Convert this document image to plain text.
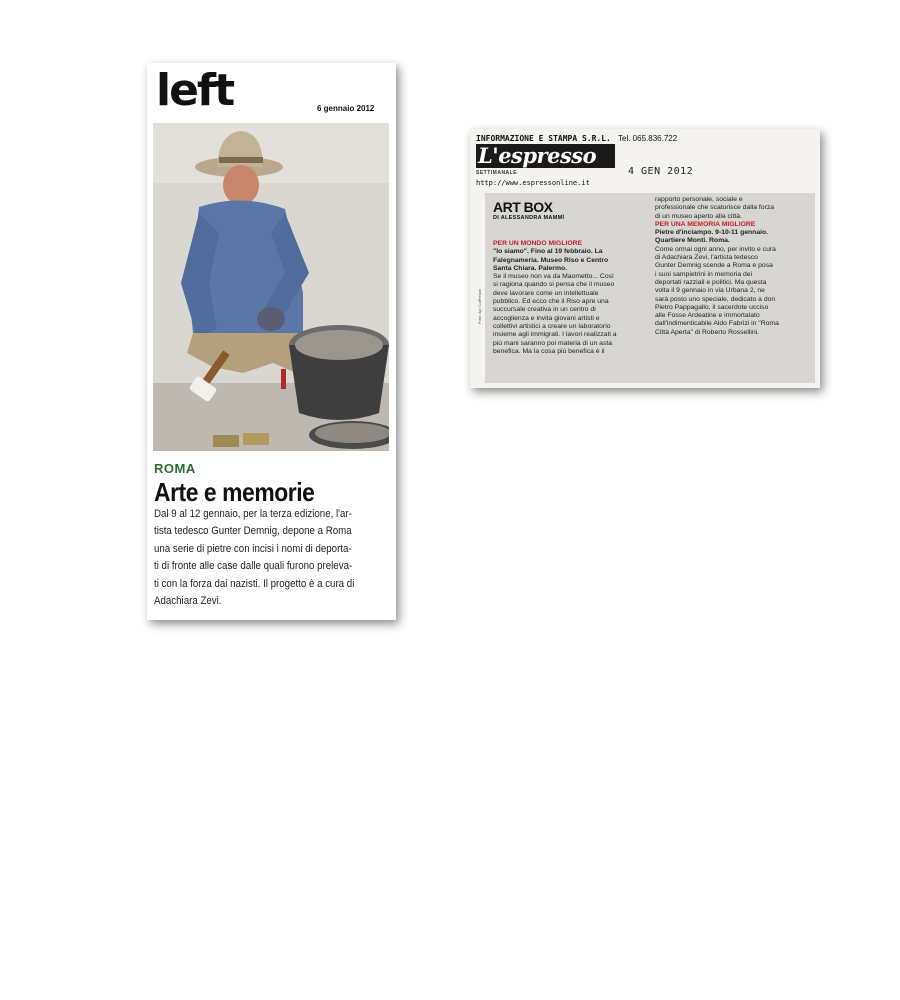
left	6 gennaio 2012
ROMA
Arte e memorie
Dal 9 al 12 gennaio, per la terza edizione, l'ar-
tista tedesco Gunter Demnig, depone a Roma
una serie di pietre con incisi i nomi di deporta-
ti di fronte alle case dalle quali furono preleva-
ti con la forza dai nazisti. Il progetto è a cura di
Adachiara Zevi.
INFORMAZIONE E STAMPA S.R.L. Tel. 065.836.722
L'espresso
SETTIMANALE
http://www.espressonline.it
4 GEN 2012
Foto: Ap / LaPresse
ART BOX
DI ALESSANDRA MAMMÌ
PER UN MONDO MIGLIORE
"Io siamo". Fino al 19 febbraio. La
Falegnameria. Museo Riso e Centro
Santa Chiara. Palermo.
Se il museo non va da Maometto... Così
si ragiona quando si pensa che il museo
deve lavorare come un intellettuale
pubblico. Ed ecco che il Riso apre una
succursale creativa in un centro di
accoglienza e invita giovani artisti e
collettivi artistici a creare un laboratorio
insieme agli immigrati. I lavori realizzati a
più mani saranno poi materia di un asta
benefica. Ma la cosa più benefica è il
rapporto personale, sociale e
professionale che scaturisce dalla forza
di un museo aperto alla città.
PER UNA MEMORIA MIGLIORE
Pietre d'inciampo. 9-10-11 gennaio.
Quartiere Monti. Roma.
Come ormai ogni anno, per invito e cura
di Adachiara Zevi, l'artista tedesco
Gunter Demnig scende a Roma e posa
i suoi sampietrini in memoria dei
deportati razziali e politici. Ma questa
volta il 9 gennaio in via Urbana 2, ne
sarà posto uno speciale, dedicato a don
Pietro Pappagallo, il sacerdote ucciso
alle Fosse Ardeatine e immortalato
dall'indimenticabile Aldo Fabrizi in "Roma
Città Aperta" di Roberto Rossellini.
